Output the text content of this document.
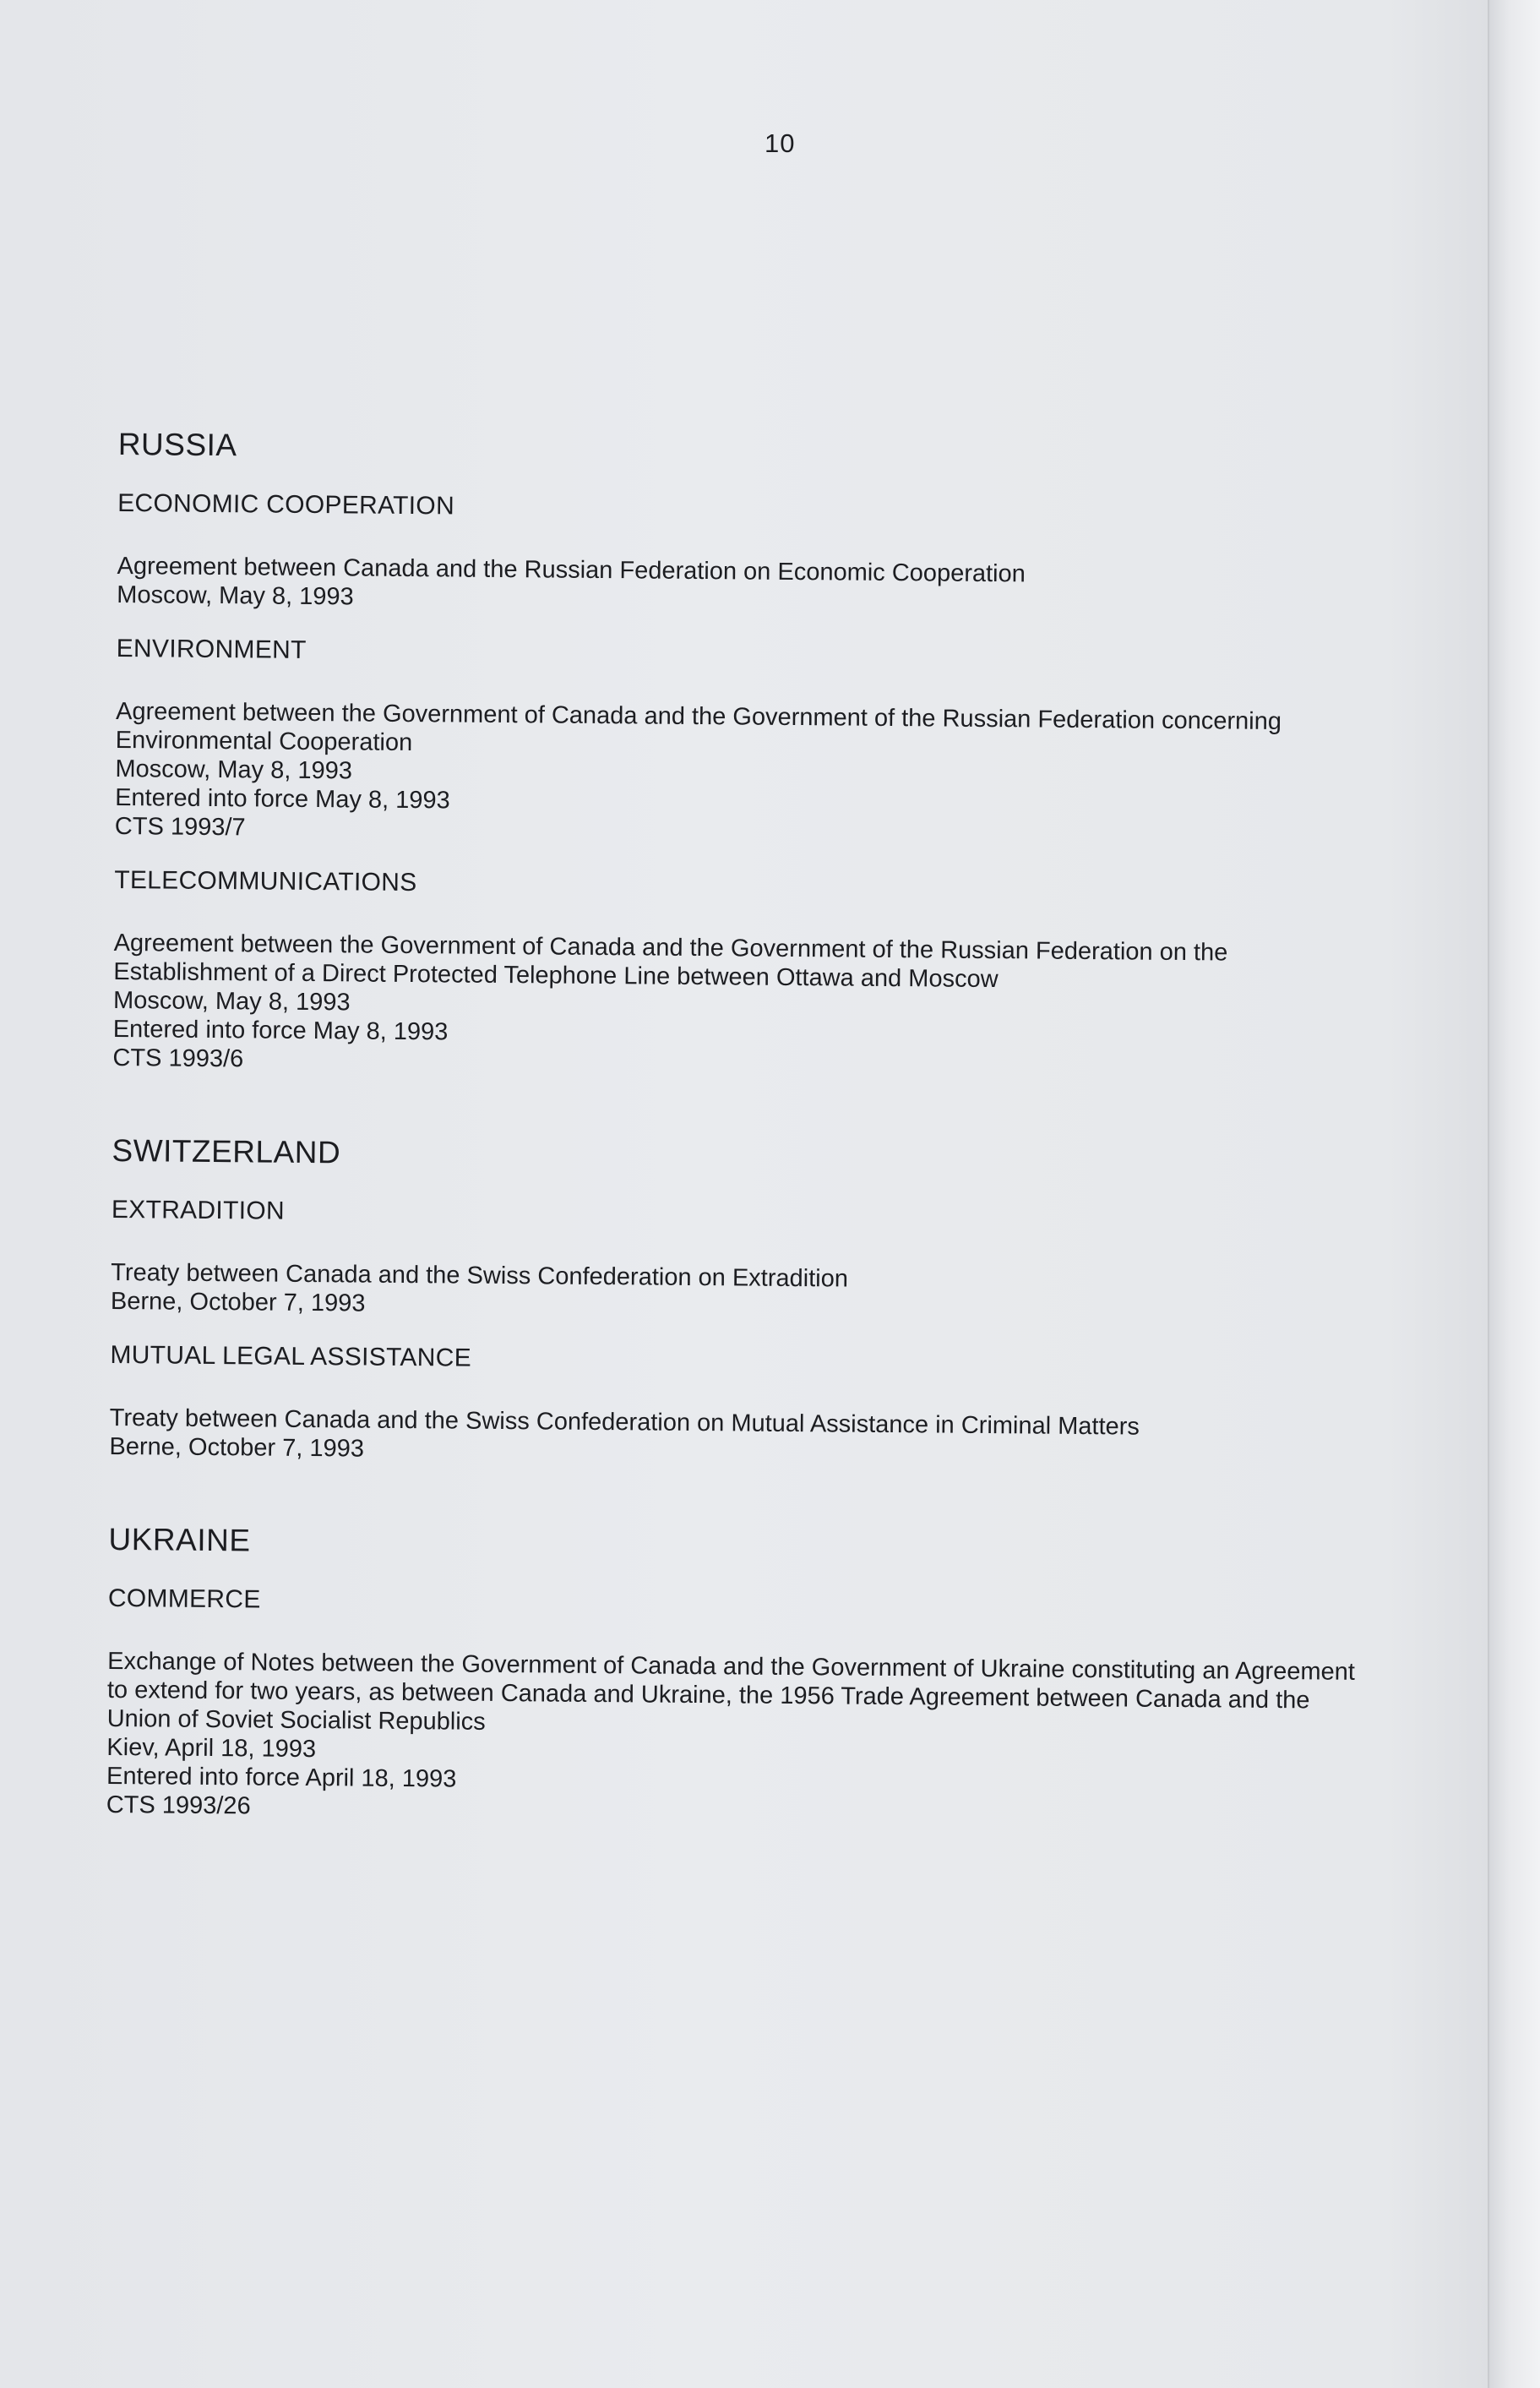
10
RUSSIA
ECONOMIC COOPERATION
Agreement between Canada and the Russian Federation on Economic Cooperation
Moscow, May 8, 1993
ENVIRONMENT
Agreement between the Government of Canada and the Government of the Russian Federation concerning Environmental Cooperation
Moscow, May 8, 1993
Entered into force May 8, 1993
CTS 1993/7
TELECOMMUNICATIONS
Agreement between the Government of Canada and the Government of the Russian Federation on the Establishment of a Direct Protected Telephone Line between Ottawa and Moscow
Moscow, May 8, 1993
Entered into force May 8, 1993
CTS 1993/6
SWITZERLAND
EXTRADITION
Treaty between Canada and the Swiss Confederation on Extradition
Berne, October 7, 1993
MUTUAL LEGAL ASSISTANCE
Treaty between Canada and the Swiss Confederation on Mutual Assistance in Criminal Matters
Berne, October 7, 1993
UKRAINE
COMMERCE
Exchange of Notes between the Government of Canada and the Government of Ukraine constituting an Agreement to extend for two years, as between Canada and Ukraine, the 1956 Trade Agreement between Canada and the Union of Soviet Socialist Republics
Kiev, April 18, 1993
Entered into force April 18, 1993
CTS 1993/26
